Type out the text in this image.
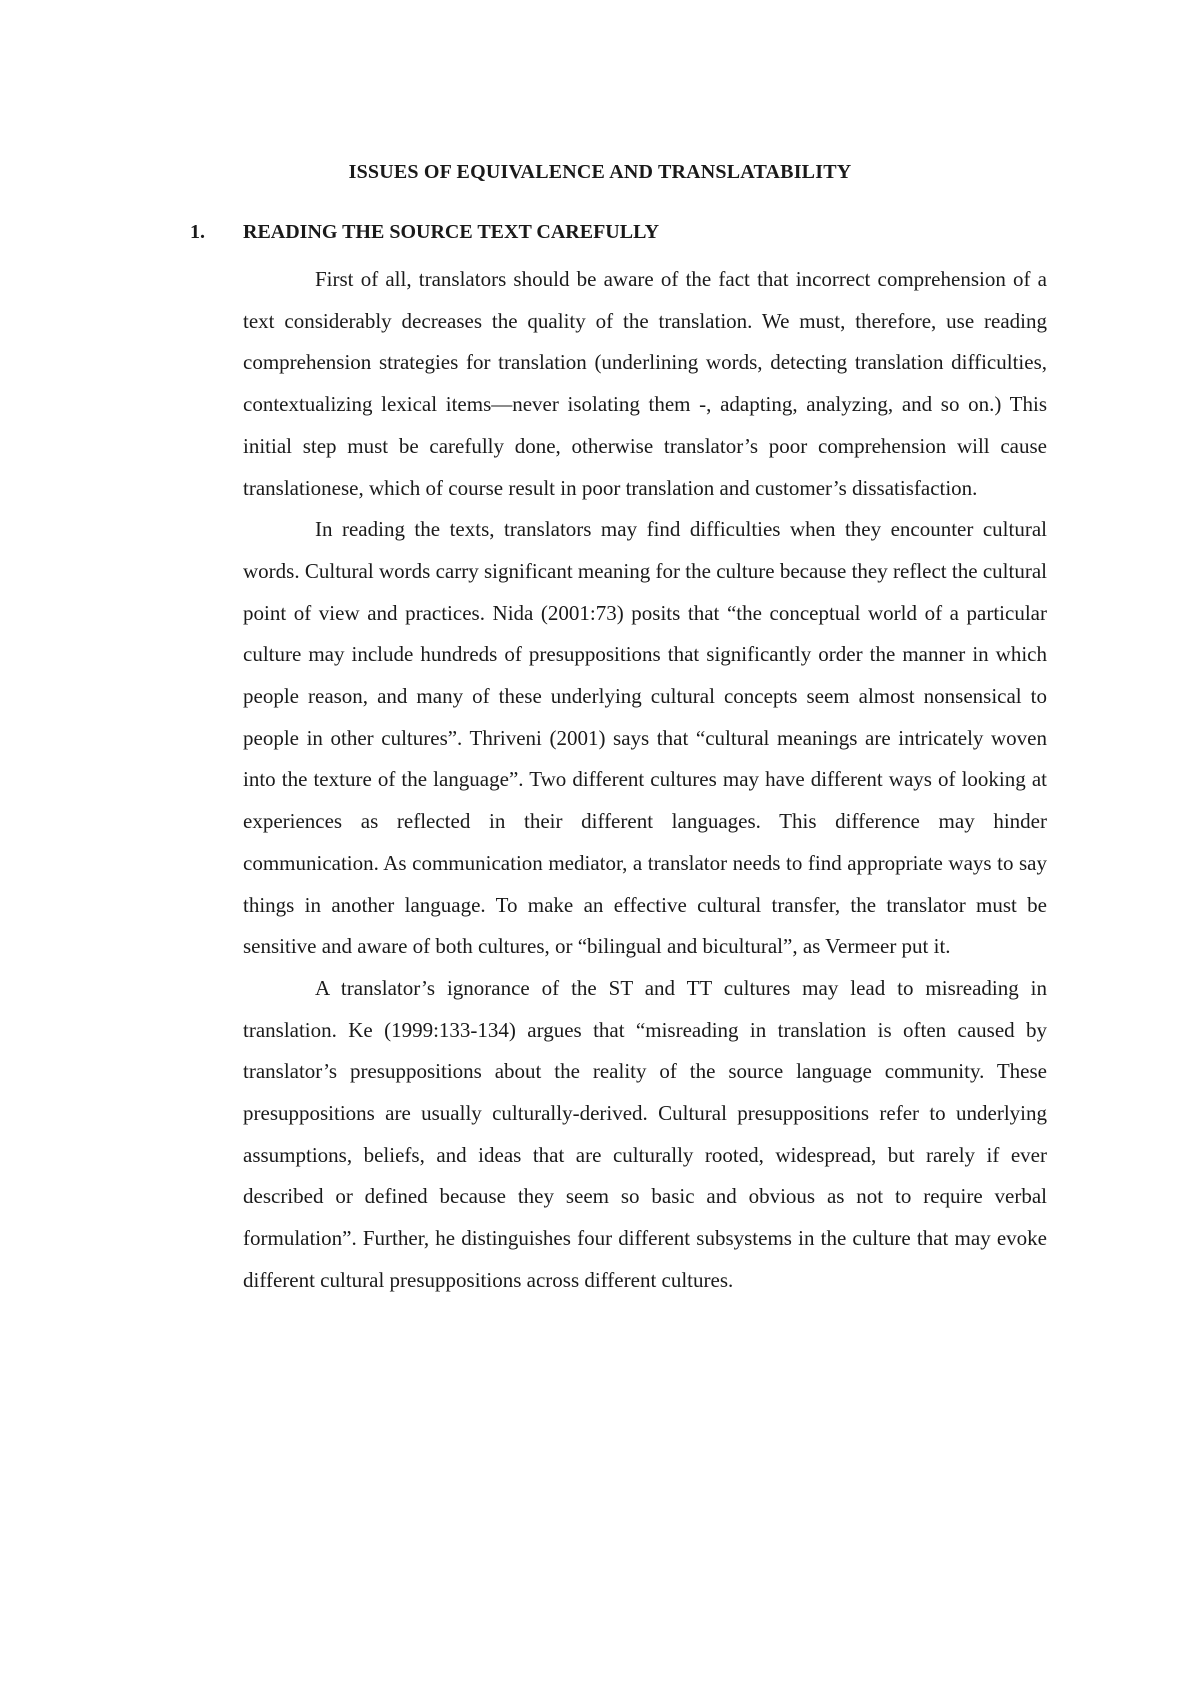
ISSUES OF EQUIVALENCE AND TRANSLATABILITY
1. READING THE SOURCE TEXT CAREFULLY

First of all, translators should be aware of the fact that incorrect comprehension of a text considerably decreases the quality of the translation. We must, therefore, use reading comprehension strategies for translation (underlining words, detecting translation difficulties, contextualizing lexical items—never isolating them -, adapting, analyzing, and so on.) This initial step must be carefully done, otherwise translator’s poor comprehension will cause translationese, which of course result in poor translation and customer’s dissatisfaction.

In reading the texts, translators may find difficulties when they encounter cultural words. Cultural words carry significant meaning for the culture because they reflect the cultural point of view and practices. Nida (2001:73) posits that “the conceptual world of a particular culture may include hundreds of presuppositions that significantly order the manner in which people reason, and many of these underlying cultural concepts seem almost nonsensical to people in other cultures”. Thriveni (2001) says that “cultural meanings are intricately woven into the texture of the language”. Two different cultures may have different ways of looking at experiences as reflected in their different languages. This difference may hinder communication. As communication mediator, a translator needs to find appropriate ways to say things in another language. To make an effective cultural transfer, the translator must be sensitive and aware of both cultures, or “bilingual and bicultural”, as Vermeer put it.

A translator’s ignorance of the ST and TT cultures may lead to misreading in translation. Ke (1999:133-134) argues that “misreading in translation is often caused by translator’s presuppositions about the reality of the source language community. These presuppositions are usually culturally-derived. Cultural presuppositions refer to underlying assumptions, beliefs, and ideas that are culturally rooted, widespread, but rarely if ever described or defined because they seem so basic and obvious as not to require verbal formulation”. Further, he distinguishes four different subsystems in the culture that may evoke different cultural presuppositions across different cultures.
